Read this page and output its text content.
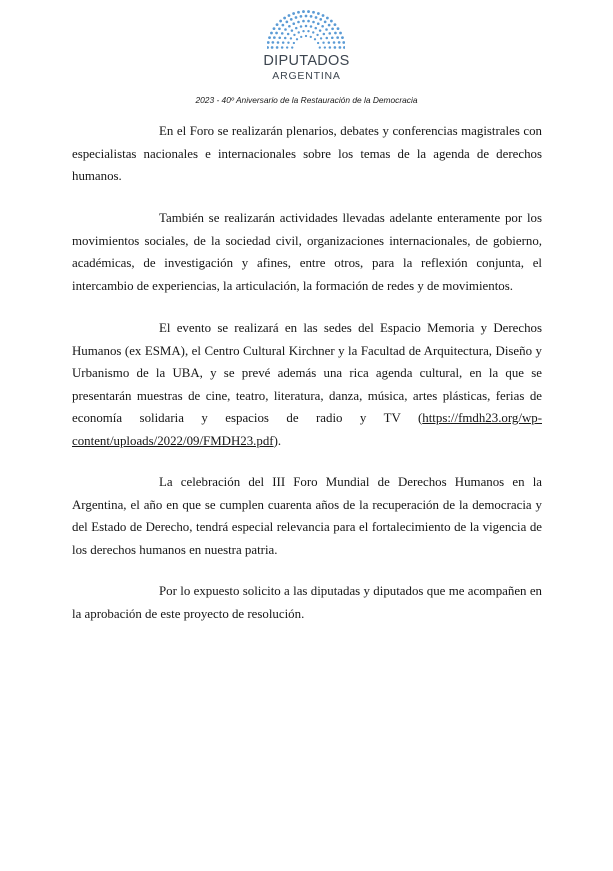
DIPUTADOS
ARGENTINA
2023 - 40º Aniversario de la Restauración de la Democracia

En el Foro se realizarán plenarios, debates y conferencias magistrales con especialistas nacionales e internacionales sobre los temas de la agenda de derechos humanos.

También se realizarán actividades llevadas adelante enteramente por los movimientos sociales, de la sociedad civil, organizaciones internacionales, de gobierno, académicas, de investigación y afines, entre otros, para la reflexión conjunta, el intercambio de experiencias, la articulación, la formación de redes y de movimientos.

El evento se realizará en las sedes del Espacio Memoria y Derechos Humanos (ex ESMA), el Centro Cultural Kirchner y la Facultad de Arquitectura, Diseño y Urbanismo de la UBA, y se prevé además una rica agenda cultural, en la que se presentarán muestras de cine, teatro, literatura, danza, música, artes plásticas, ferias de economía solidaria y espacios de radio y TV (https://fmdh23.org/wp-content/uploads/2022/09/FMDH23.pdf).

La celebración del III Foro Mundial de Derechos Humanos en la Argentina, el año en que se cumplen cuarenta años de la recuperación de la democracia y del Estado de Derecho, tendrá especial relevancia para el fortalecimiento de la vigencia de los derechos humanos en nuestra patria.

Por lo expuesto solicito a las diputadas y diputados que me acompañen en la aprobación de este proyecto de resolución.
